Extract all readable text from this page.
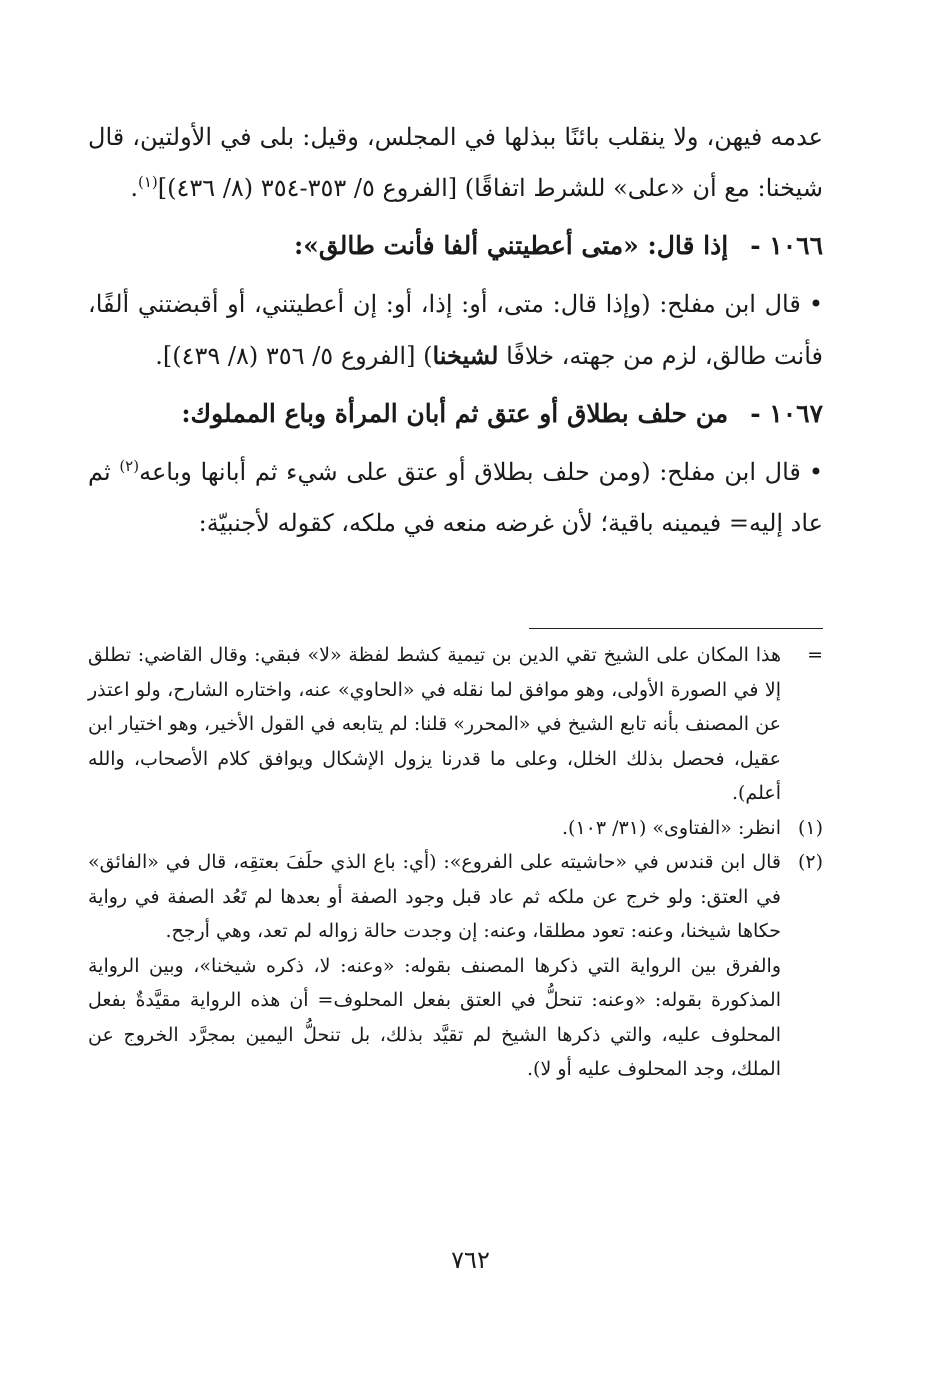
عدمه فيهن، ولا ينقلب بائنًا ببذلها في المجلس، وقيل: بلى في الأولتين، قال شيخنا: مع أن «على» للشرط اتفاقًا) [الفروع ٥/ ٣٥٣-٣٥٤ (٨/ ٤٣٦)]$^{(١)}$.

١٠٦٦ -إذا قال: «متى أعطيتني ألفا فأنت طالق»:

•قال ابن مفلح: (وإذا قال: متى، أو: إذا، أو: إن أعطيتني، أو أقبضتني ألفًا، فأنت طالق، لزم من جهته، خلافًا لشيخنا) [الفروع ٥/ ٣٥٦ (٨/ ٤٣٩)].

١٠٦٧ -من حلف بطلاق أو عتق ثم أبان المرأة وباع المملوك:

•قال ابن مفلح: (ومن حلف بطلاق أو عتق على شيء ثم أبانها وباعه$^{(٢)}$ ثم عاد إليه= فيمينه باقية؛ لأن غرضه منعه في ملكه، كقوله لأجنبيّة:

=
هذا المكان على الشيخ تقي الدين بن تيمية كشط لفظة «لا» فبقي: وقال القاضي: تطلق إلا في الصورة الأولى، وهو موافق لما نقله في «الحاوي» عنه، واختاره الشارح، ولو اعتذر عن المصنف بأنه تابع الشيخ في «المحرر» قلنا: لم يتابعه في القول الأخير، وهو اختيار ابن عقيل، فحصل بذلك الخلل، وعلى ما قدرنا يزول الإشكال ويوافق كلام الأصحاب، والله أعلم).
(١)
انظر: «الفتاوى» (٣١/ ١٠٣).
(٢)
قال ابن قندس في «حاشيته على الفروع»: (أي: باع الذي حلَفَ بعتقِه، قال في «الفائق» في العتق: ولو خرج عن ملكه ثم عاد قبل وجود الصفة أو بعدها لم تَعُد الصفة في رواية حكاها شيخنا، وعنه: تعود مطلقا، وعنه: إن وجدت حالة زواله لم تعد، وهي أرجح.

والفرق بين الرواية التي ذكرها المصنف بقوله: «وعنه: لا، ذكره شيخنا»، وبين الرواية المذكورة بقوله: «وعنه: تنحلُّ في العتق بفعل المحلوف= أن هذه الرواية مقيَّدةٌ بفعل المحلوف عليه، والتي ذكرها الشيخ لم تقيَّد بذلك، بل تنحلُّ اليمين بمجرَّد الخروج عن الملك، وجد المحلوف عليه أو لا).

٧٦٢
